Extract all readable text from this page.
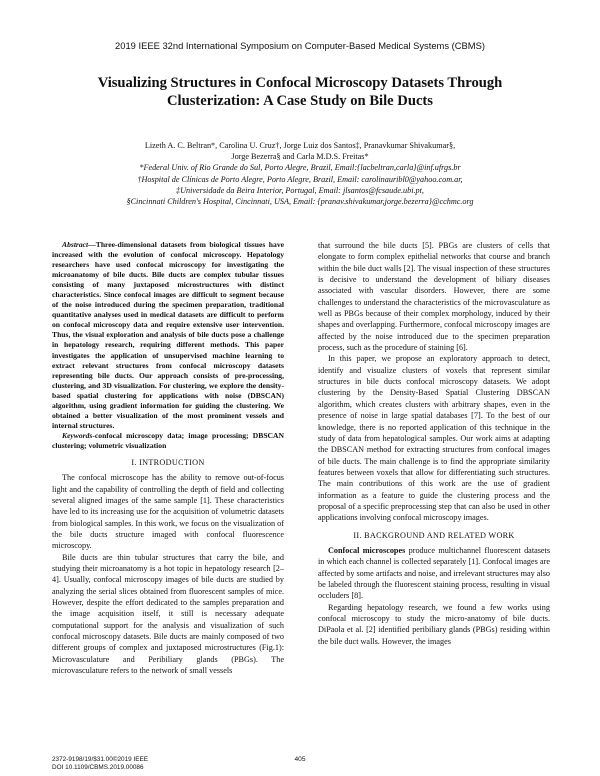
2019 IEEE 32nd International Symposium on Computer-Based Medical Systems (CBMS)
Visualizing Structures in Confocal Microscopy Datasets Through Clusterization: A Case Study on Bile Ducts
Lizeth A. C. Beltran*, Carolina U. Cruz†, Jorge Luiz dos Santos‡, Pranavkumar Shivakumar§,
Jorge Bezerra§ and Carla M.D.S. Freitas*
*Federal Univ. of Rio Grande do Sul, Porto Alegre, Brazil, Email:{lacbeltran,carla}@inf.ufrgs.br
†Hospital de Clínicas de Porto Alegre, Porto Alegre, Brazil, Email: carolinauribl0@yahoo.com.ar,
‡Universidade da Beira Interior, Portugal, Email: jlsantos@fcsaude.ubi.pt,
§Cincinnati Children's Hospital, Cincinnati, USA, Email: {pranav.shivakumar,jorge.bezerra}@cchmc.org

Abstract—Three-dimensional datasets from biological tissues have increased with the evolution of confocal microscopy. Hepatology researchers have used confocal microscopy for investigating the microanatomy of bile ducts. Bile ducts are complex tubular tissues consisting of many juxtaposed microstructures with distinct characteristics. Since confocal images are difficult to segment because of the noise introduced during the specimen preparation, traditional quantitative analyses used in medical datasets are difficult to perform on confocal microscopy data and require extensive user intervention. Thus, the visual exploration and analysis of bile ducts pose a challenge in hepatology research, requiring different methods. This paper investigates the application of unsupervised machine learning to extract relevant structures from confocal microscopy datasets representing bile ducts. Our approach consists of pre-processing, clustering, and 3D visualization. For clustering, we explore the density-based spatial clustering for applications with noise (DBSCAN) algorithm, using gradient information for guiding the clustering. We obtained a better visualization of the most prominent vessels and internal structures.

Keywords-confocal microscopy data; image processing; DBSCAN clustering; volumetric visualization

I. INTRODUCTION

The confocal microscope has the ability to remove out-of-focus light and the capability of controlling the depth of field and collecting several aligned images of the same sample [1]. These characteristics have led to its increasing use for the acquisition of volumetric datasets from biological samples. In this work, we focus on the visualization of the bile ducts structure imaged with confocal fluorescence microscopy.

Bile ducts are thin tubular structures that carry the bile, and studying their microanatomy is a hot topic in hepatology research [2–4]. Usually, confocal microscopy images of bile ducts are studied by analyzing the serial slices obtained from fluorescent samples of mice. However, despite the effort dedicated to the samples preparation and the image acquisition itself, it still is necessary adequate computational support for the analysis and visualization of such confocal microscopy datasets. Bile ducts are mainly composed of two different groups of complex and juxtaposed microstructures (Fig.1): Microvasculature and Peribiliary glands (PBGs). The microvasculature refers to the network of small vessels

that surround the bile ducts [5]. PBGs are clusters of cells that elongate to form complex epithelial networks that course and branch within the bile duct walls [2]. The visual inspection of these structures is decisive to understand the development of biliary diseases associated with vascular disorders. However, there are some challenges to understand the characteristics of the microvasculature as well as PBGs because of their complex morphology, induced by their shapes and overlapping. Furthermore, confocal microscopy images are affected by the noise introduced due to the specimen preparation process, such as the procedure of staining [6].

In this paper, we propose an exploratory approach to detect, identify and visualize clusters of voxels that represent similar structures in bile ducts confocal microscopy datasets. We adopt clustering by the Density-Based Spatial Clustering DBSCAN algorithm, which creates clusters with arbitrary shapes, even in the presence of noise in large spatial databases [7]. To the best of our knowledge, there is no reported application of this technique in the study of data from hepatological samples. Our work aims at adapting the DBSCAN method for extracting structures from confocal images of bile ducts. The main challenge is to find the appropriate similarity features between voxels that allow for differentiating such structures. The main contributions of this work are the use of gradient information as a feature to guide the clustering process and the proposal of a specific preprocessing step that can also be used in other applications involving confocal microscopy images.

II. BACKGROUND AND RELATED WORK

Confocal microscopes produce multichannel fluorescent datasets in which each channel is collected separately [1]. Confocal images are affected by some artifacts and noise, and irrelevant structures may also be labeled through the fluorescent staining process, resulting in visual occluders [8].

Regarding hepatology research, we found a few works using confocal microscopy to study the micro-anatomy of bile ducts. DiPaola et al. [2] identified peribiliary glands (PBGs) residing within the bile duct walls. However, the images

2372-9198/19/$31.00©2019 IEEE
DOI 10.1109/CBMS.2019.00086
405
